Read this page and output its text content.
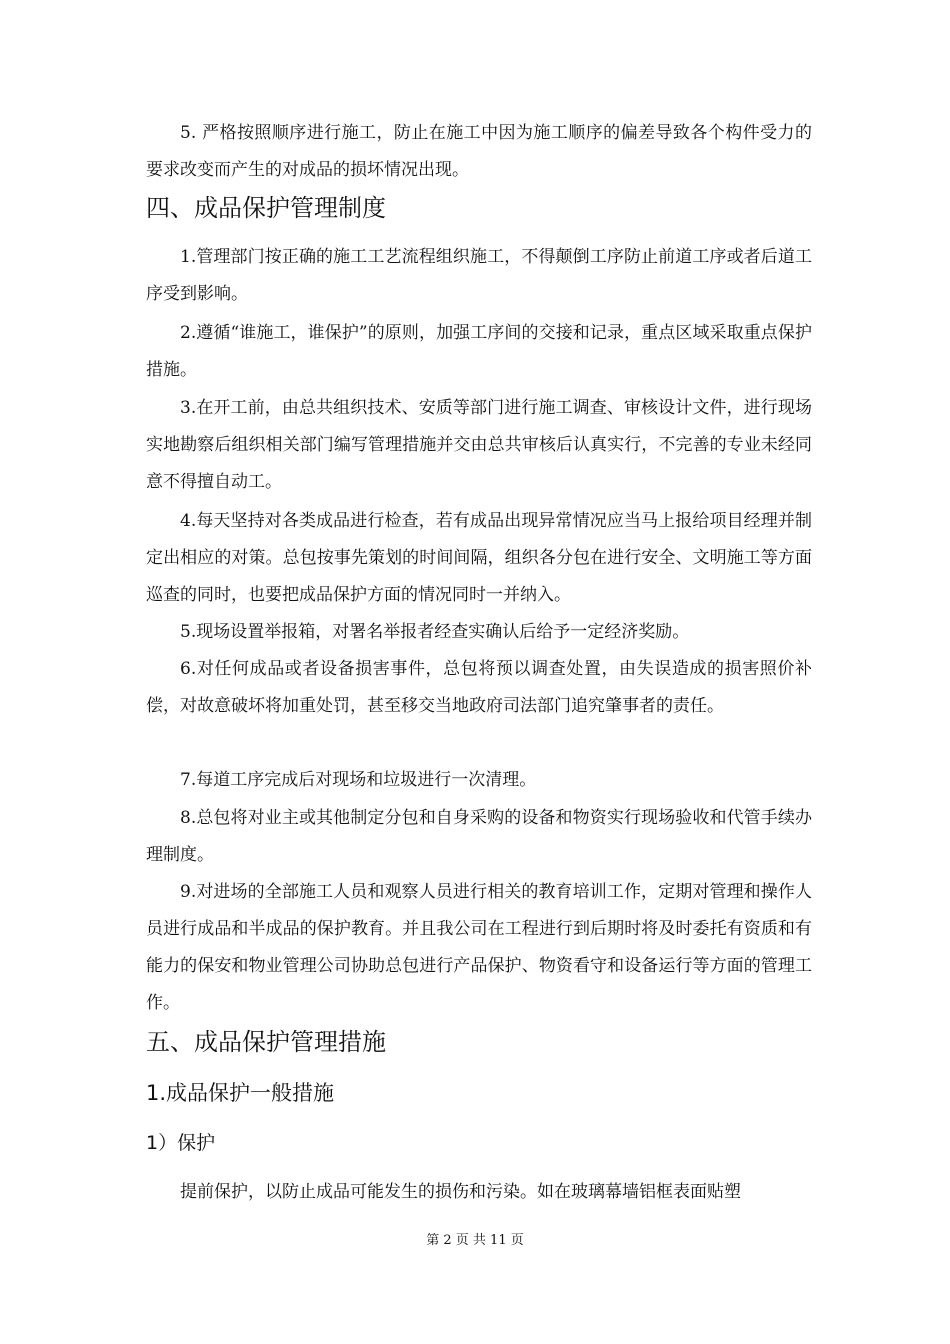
5. 严格按照顺序进行施工，防止在施工中因为施工顺序的偏差导致各个构件受力的要求改变而产生的对成品的损坏情况出现。

四、成品保护管理制度

1.管理部门按正确的施工工艺流程组织施工，不得颠倒工序防止前道工序或者后道工序受到影响。

2.遵循“谁施工，谁保护”的原则，加强工序间的交接和记录，重点区域采取重点保护措施。

3.在开工前，由总共组织技术、安质等部门进行施工调查、审核设计文件，进行现场实地勘察后组织相关部门编写管理措施并交由总共审核后认真实行，不完善的专业未经同意不得擅自动工。

4.每天坚持对各类成品进行检查，若有成品出现异常情况应当马上报给项目经理并制定出相应的对策。总包按事先策划的时间间隔，组织各分包在进行安全、文明施工等方面巡查的同时，也要把成品保护方面的情况同时一并纳入。

5.现场设置举报箱，对署名举报者经查实确认后给予一定经济奖励。

6.对任何成品或者设备损害事件，总包将预以调查处置，由失误造成的损害照价补偿，对故意破坏将加重处罚，甚至移交当地政府司法部门追究肇事者的责任。

7.每道工序完成后对现场和垃圾进行一次清理。

8.总包将对业主或其他制定分包和自身采购的设备和物资实行现场验收和代管手续办理制度。

9.对进场的全部施工人员和观察人员进行相关的教育培训工作，定期对管理和操作人员进行成品和半成品的保护教育。并且我公司在工程进行到后期时将及时委托有资质和有能力的保安和物业管理公司协助总包进行产品保护、物资看守和设备运行等方面的管理工作。

五、成品保护管理措施
1.成品保护一般措施
1）保护

提前保护，以防止成品可能发生的损伤和污染。如在玻璃幕墙铝框表面贴塑

第 2 页 共 11 页
